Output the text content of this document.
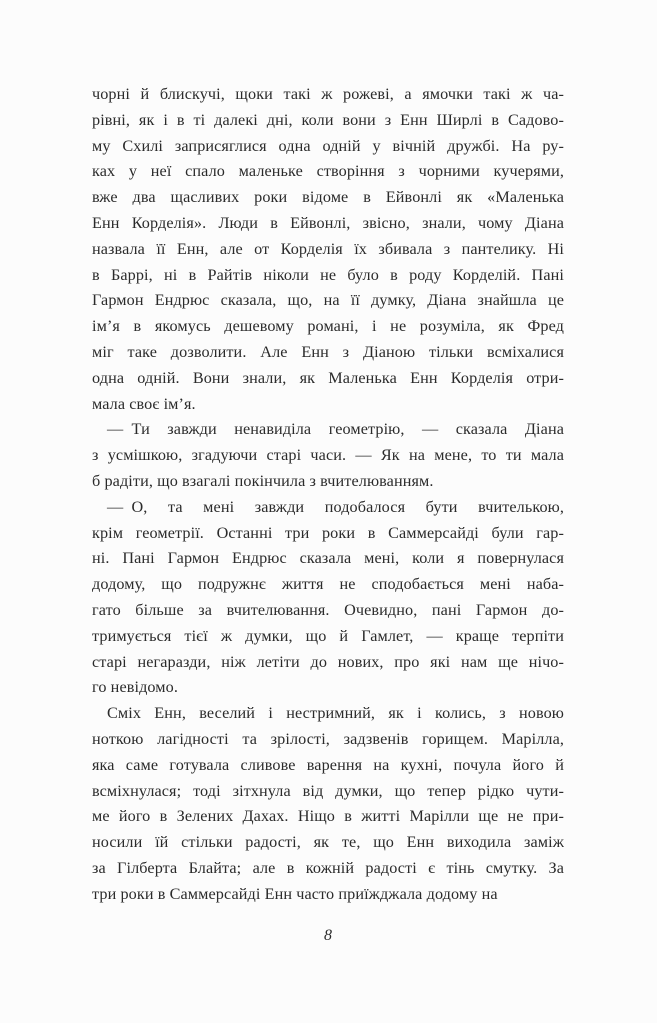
чорні й блискучі, щоки такі ж рожеві, а ямочки такі ж ча-
рівні, як і в ті далекі дні, коли вони з Енн Ширлі в Садово-
му Схилі заприсяглися одна одній у вічній дружбі. На ру-
ках у неї спало маленьке створіння з чорними кучерями,
вже два щасливих роки відоме в Ейвонлі як «Маленька
Енн Корделія». Люди в Ейвонлі, звісно, знали, чому Діана
назвала її Енн, але от Корделія їх збивала з пантелику. Ні
в Баррі, ні в Райтів ніколи не було в роду Корделій. Пані
Гармон Ендрюс сказала, що, на її думку, Діана знайшла це
ім’я в якомусь дешевому романі, і не розуміла, як Фред
міг таке дозволити. Але Енн з Діаною тільки всміхалися
одна одній. Вони знали, як Маленька Енн Корделія отри-
мала своє ім’я.

— Ти завжди ненавиділа геометрію, — сказала Діана
з усмішкою, згадуючи старі часи. — Як на мене, то ти мала
б радіти, що взагалі покінчила з вчителюванням.

— О, та мені завжди подобалося бути вчителькою,
крім геометрії. Останні три роки в Саммерсайді були гар-
ні. Пані Гармон Ендрюс сказала мені, коли я повернулася
додому, що подружнє життя не сподобається мені наба-
гато більше за вчителювання. Очевидно, пані Гармон до-
тримується тієї ж думки, що й Гамлет, — краще терпіти
старі негаразди, ніж летіти до нових, про які нам ще нічо-
го невідомо.

Сміх Енн, веселий і нестримний, як і колись, з новою
ноткою лагідності та зрілості, задзвенів горищем. Марілла,
яка саме готувала сливове варення на кухні, почула його й
всміхнулася; тоді зітхнула від думки, що тепер рідко чути-
ме його в Зелених Дахах. Ніщо в житті Марілли ще не при-
носили їй стільки радості, як те, що Енн виходила заміж
за Гілберта Блайта; але в кожній радості є тінь смутку. За
три роки в Саммерсайді Енн часто приїжджала додому на

8
